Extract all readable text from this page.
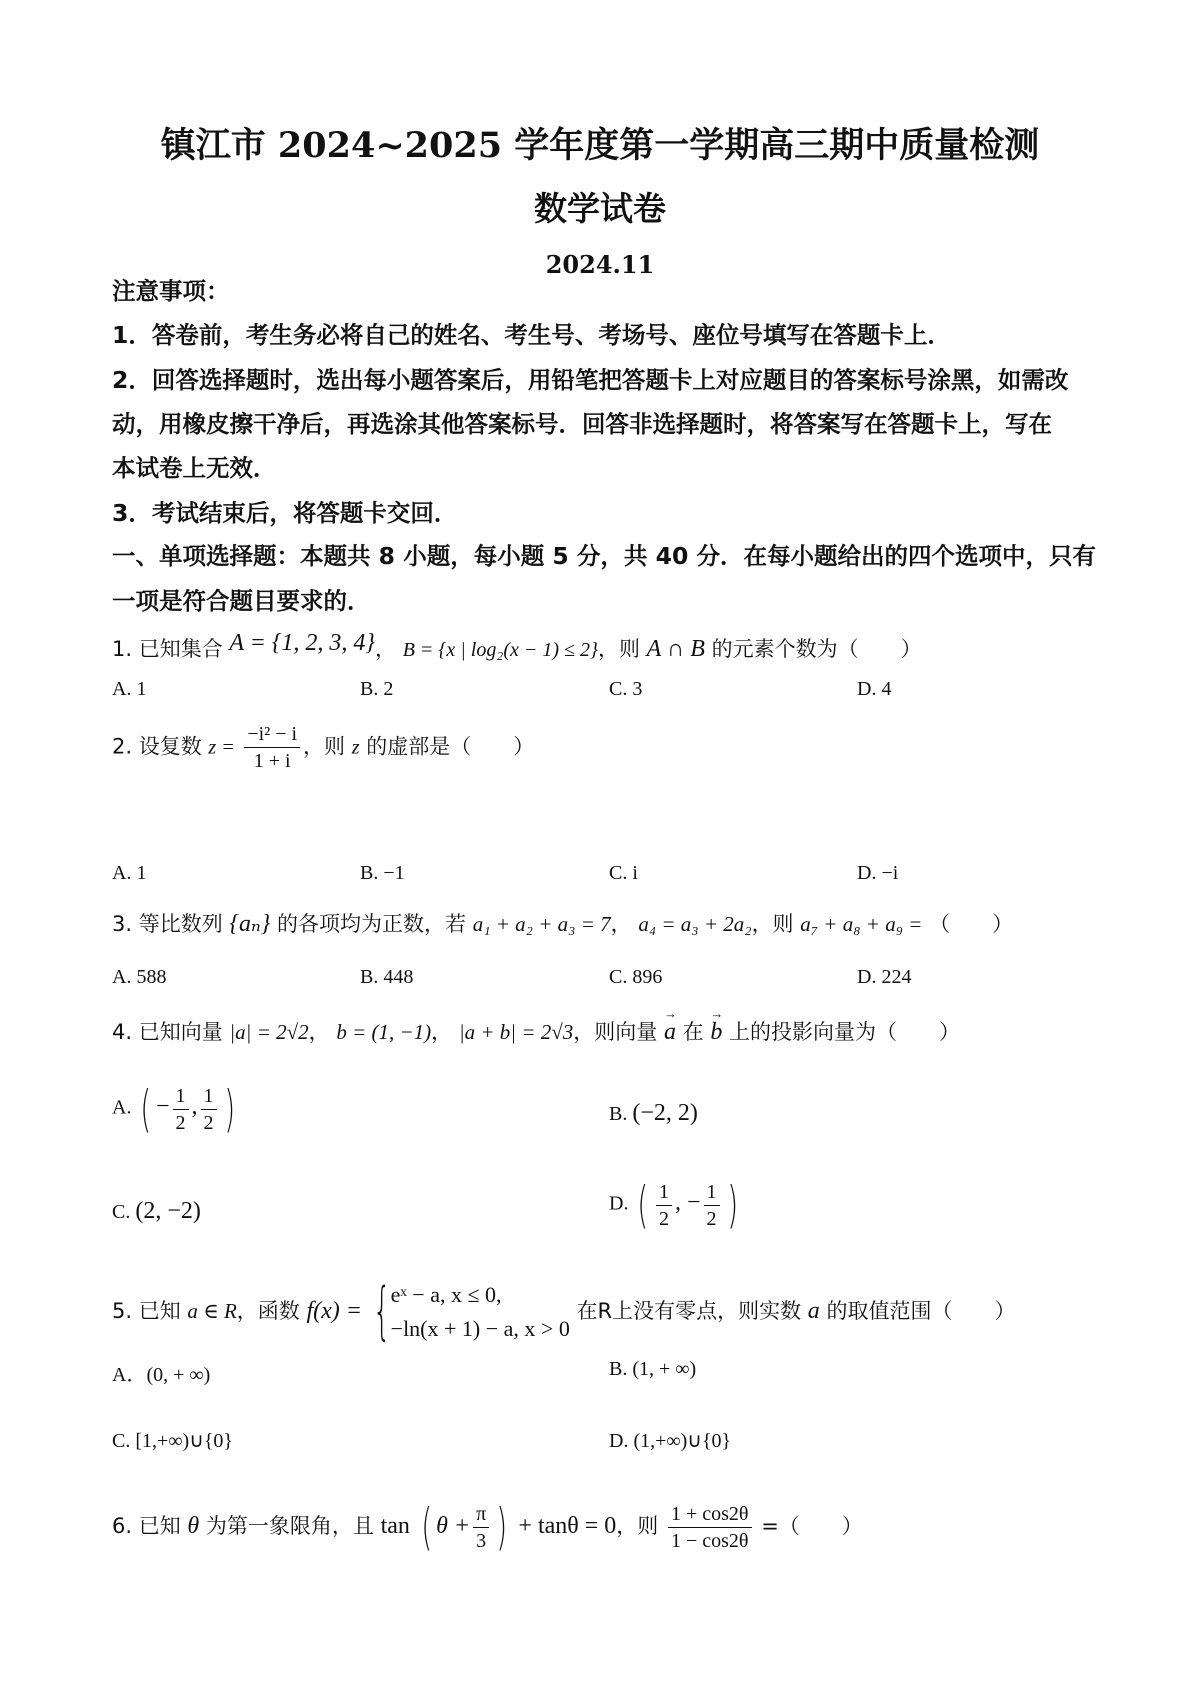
镇江市 2024~2025 学年度第一学期高三期中质量检测
数学试卷
2024.11
注意事项：
1．答卷前，考生务必将自己的姓名、考生号、考场号、座位号填写在答题卡上．
2．回答选择题时，选出每小题答案后，用铅笔把答题卡上对应题目的答案标号涂黑，如需改
动，用橡皮擦干净后，再选涂其他答案标号．回答非选择题时，将答案写在答题卡上，写在
本试卷上无效．
3．考试结束后，将答题卡交回．
一、单项选择题：本题共 8 小题，每小题 5 分，共 40 分．在每小题给出的四个选项中，只有
一项是符合题目要求的．
1. 已知集合 A = {1, 2, 3, 4}， B = {x | log₂(x − 1) ≤ 2}，则 A ∩ B 的元素个数为（　　）
A. 1	B. 2	C. 3	D. 4
2. 设复数 $z = \frac{\text{−i² − i}}{1 + i}$ ，则 z 的虚部是（　　）
A. 1	B. −1	C. i	D. −i
3. 等比数列 {aₙ} 的各项均为正数，若 a₁ + a₂ + a₃ = 7， a₄ = a₃ + 2a₂，则 a₇ + a₈ + a₉ = （　　）
A. 588	B. 448	C. 896	D. 224
4. 已知向量 |a| = 2√2， b = (1, −1)， |a + b| = 2√3，则向量 → a 在 → b 上的投影向量为（　　）
A. ( − $\frac{1}{2}$ , $\frac{1}{2}$ )	B. (−2, 2)
C. (2, −2)	D. ( $\frac{1}{2}$ , − $\frac{1}{2}$ )
5. 已知 a ∈ R，函数 f(x) = { eˣ − a, x ≤ 0,
−ln(x + 1) − a, x > 0
在R上没有零点，则实数 a 的取值范围（　　）
A．(0, + ∞)	B. (1, + ∞)
C. [1,+∞)∪{0}	D. (1,+∞)∪{0}
6. 已知 θ 为第一象限角，且 tan ( $\theta + \frac{\pi}{3}$ ) + tanθ = 0，则 $\frac{1 + \cos 2\theta}{1 - \cos 2\theta}$ =（　　）
